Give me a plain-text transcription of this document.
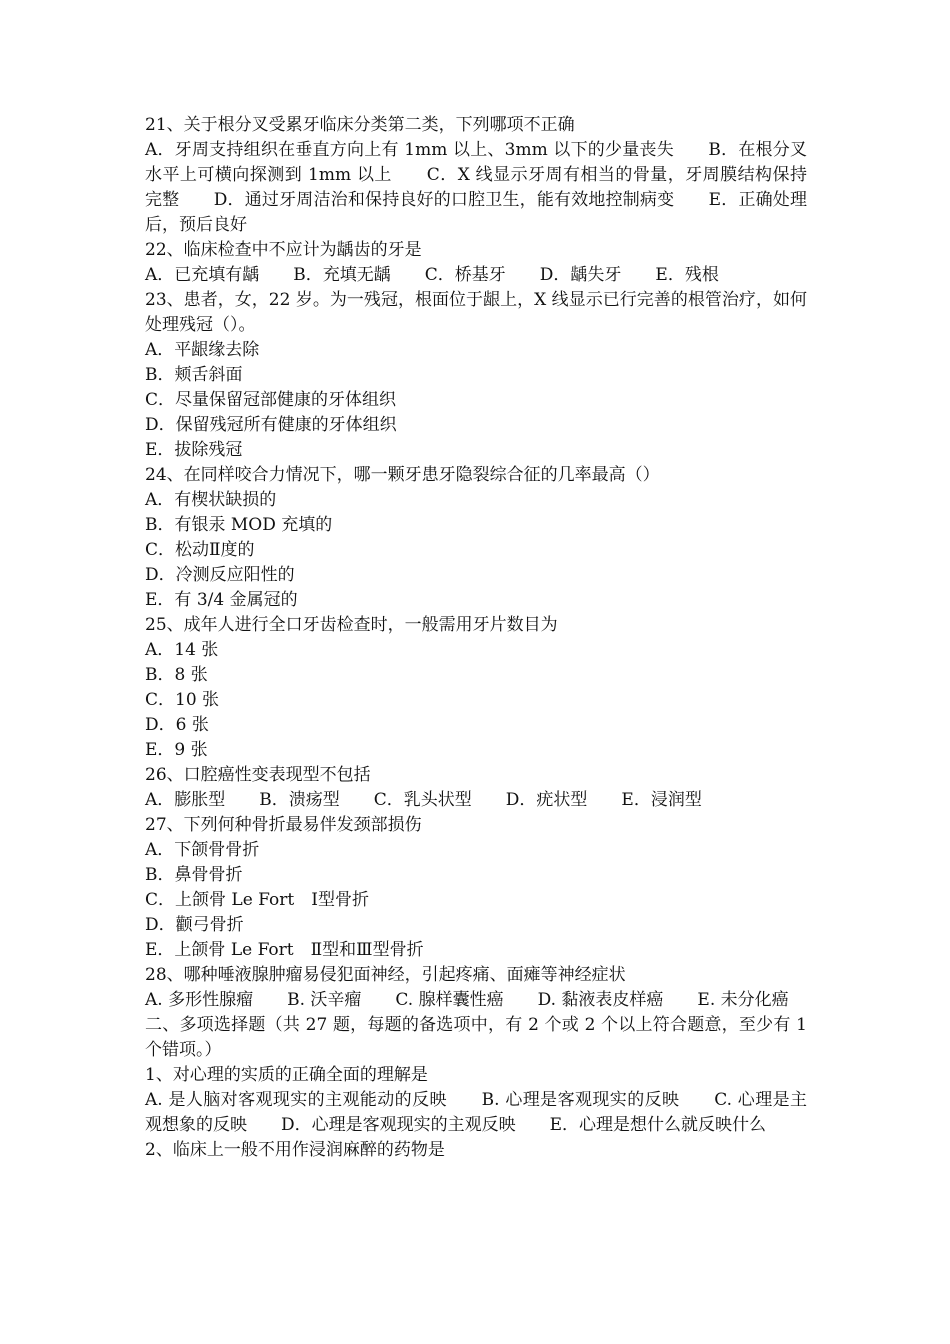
21、关于根分叉受累牙临床分类第二类，下列哪项不正确

A．牙周支持组织在垂直方向上有 1mm 以上、3mm 以下的少量丧失　　B．在根分叉水平上可横向探测到 1mm 以上　　C．X 线显示牙周有相当的骨量，牙周膜结构保持完整　　D．通过牙周洁治和保持良好的口腔卫生，能有效地控制病变　　E．正确处理后，预后良好

22、临床检查中不应计为龋齿的牙是

A．已充填有龋　　B．充填无龋　　C．桥基牙　　D．龋失牙　　E．残根

23、患者，女，22 岁。为一残冠，根面位于龈上，X 线显示已行完善的根管治疗，如何处理残冠（）。

A．平龈缘去除

B．颊舌斜面

C．尽量保留冠部健康的牙体组织

D．保留残冠所有健康的牙体组织

E．拔除残冠

24、在同样咬合力情况下，哪一颗牙患牙隐裂综合征的几率最高（）

A．有楔状缺损的

B．有银汞 MOD 充填的

C．松动Ⅱ度的

D．冷测反应阳性的

E．有 3/4 金属冠的

25、成年人进行全口牙齿检查时，一般需用牙片数目为

A．14 张

B．8 张

C．10 张

D．6 张

E．9 张

26、口腔癌性变表现型不包括

A．膨胀型　　B．溃疡型　　C．乳头状型　　D．疣状型　　E．浸润型

27、下列何种骨折最易伴发颈部损伤

A．下颌骨骨折

B．鼻骨骨折

C．上颌骨 Le Fort　Ⅰ型骨折

D．颧弓骨折

E．上颌骨 Le Fort　Ⅱ型和Ⅲ型骨折

28、哪种唾液腺肿瘤易侵犯面神经，引起疼痛、面瘫等神经症状

A. 多形性腺瘤　　B. 沃辛瘤　　C. 腺样囊性癌　　D. 黏液表皮样癌　　E. 未分化癌

二、多项选择题（共 27 题，每题的备选项中，有 2 个或 2 个以上符合题意，至少有 1 个错项。）

1、对心理的实质的正确全面的理解是

A. 是人脑对客观现实的主观能动的反映　　B. 心理是客观现实的反映　　C. 心理是主观想象的反映　　D．心理是客观现实的主观反映　　E．心理是想什么就反映什么

2、临床上一般不用作浸润麻醉的药物是
